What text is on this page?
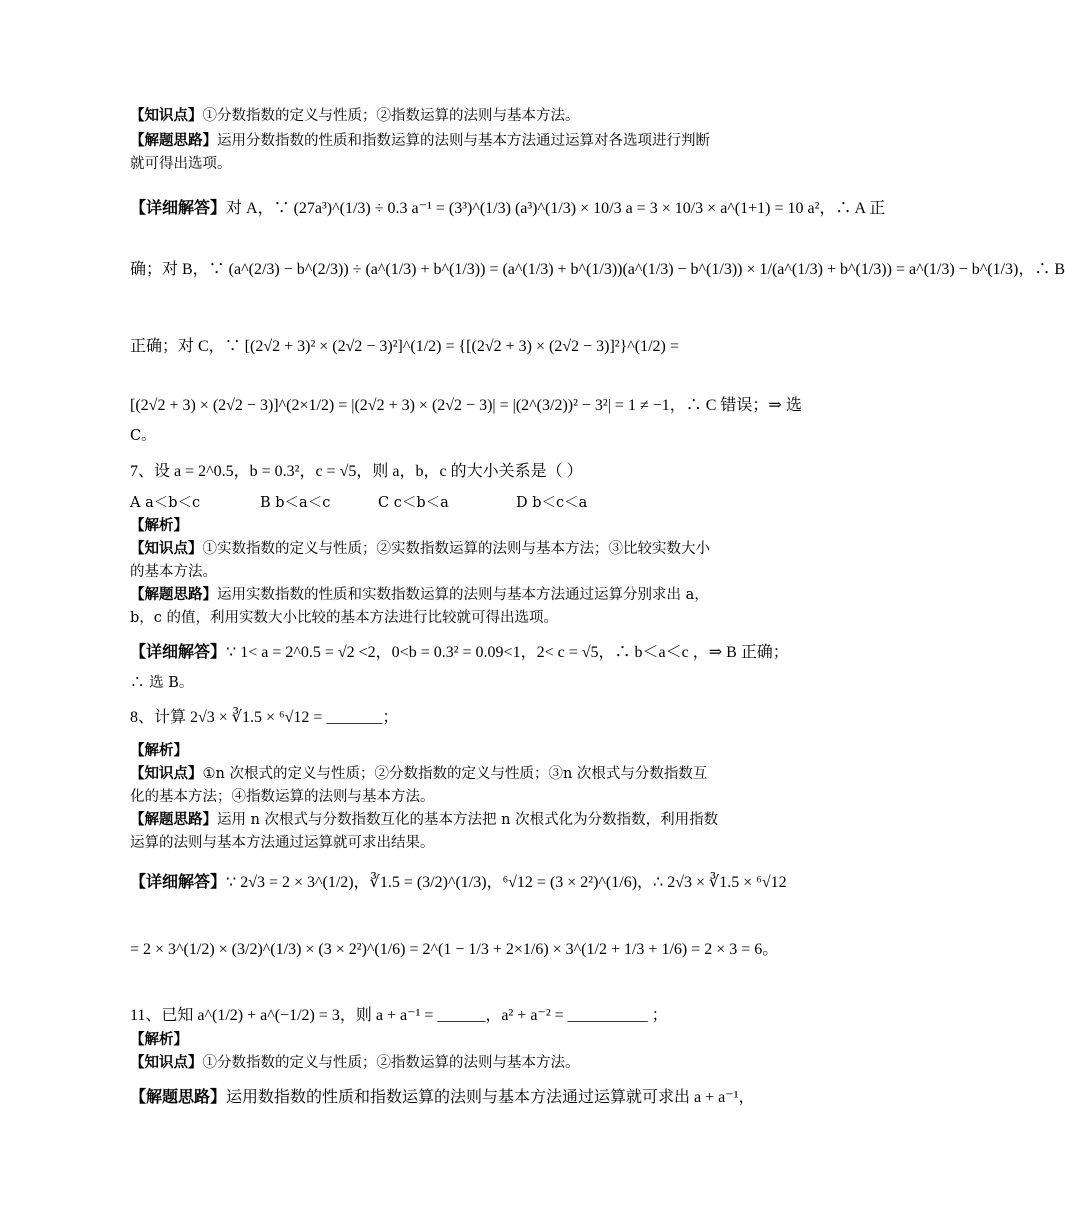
【知识点】①分数指数的定义与性质；②指数运算的法则与基本方法。
【解题思路】运用分数指数的性质和指数运算的法则与基本方法通过运算对各选项进行判断
就可得出选项。
【详细解答】对 A，∵ (27a³)^(1/3) ÷ 0.3 a⁻¹ = (3³)^(1/3) (a³)^(1/3) × 10/3 a = 3 × 10/3 × a^(1+1) = 10 a²，∴ A 正
确；对 B，∵ (a^(2/3) − b^(2/3)) ÷ (a^(1/3) + b^(1/3)) = (a^(1/3) + b^(1/3))(a^(1/3) − b^(1/3)) × 1/(a^(1/3) + b^(1/3)) = a^(1/3) − b^(1/3)，∴ B
正确；对 C，∵ [(2√2 + 3)² × (2√2 − 3)²]^(1/2) = {[(2√2 + 3) × (2√2 − 3)]²}^(1/2) =
[(2√2 + 3) × (2√2 − 3)]^(2×1/2) = |(2√2 + 3) × (2√2 − 3)| = |(2^(3/2))² − 3²| = 1 ≠ −1，∴ C 错误；⇒ 选
C。
7、设 a = 2^0.5，b = 0.3²，c = √5，则 a，b，c 的大小关系是（ ）
A a＜b＜c	B b＜a＜c	C c＜b＜a	D b＜c＜a
【解析】
【知识点】①实数指数的定义与性质；②实数指数运算的法则与基本方法；③比较实数大小
的基本方法。
【解题思路】运用实数指数的性质和实数指数运算的法则与基本方法通过运算分别求出 a，
b，c 的值，利用实数大小比较的基本方法进行比较就可得出选项。
【详细解答】∵ 1< a = 2^0.5 = √2 <2，0<b = 0.3² = 0.09<1，2< c = √5，∴ b＜a＜c ，⇒ B 正确；
∴ 选 B。
8、计算 2√3 × ∛1.5 × ⁶√12 = _______；
【解析】
【知识点】①n 次根式的定义与性质；②分数指数的定义与性质；③n 次根式与分数指数互
化的基本方法；④指数运算的法则与基本方法。
【解题思路】运用 n 次根式与分数指数互化的基本方法把 n 次根式化为分数指数，利用指数
运算的法则与基本方法通过运算就可求出结果。
【详细解答】∵ 2√3 = 2 × 3^(1/2)，∛1.5 = (3/2)^(1/3)，⁶√12 = (3 × 2²)^(1/6)，∴ 2√3 × ∛1.5 × ⁶√12
= 2 × 3^(1/2) × (3/2)^(1/3) × (3 × 2²)^(1/6) = 2^(1 − 1/3 + 2×1/6) × 3^(1/2 + 1/3 + 1/6) = 2 × 3 = 6。
11、已知 a^(1/2) + a^(−1/2) = 3，则 a + a⁻¹ = ______，a² + a⁻² = __________ ；
【解析】
【知识点】①分数指数的定义与性质；②指数运算的法则与基本方法。
【解题思路】运用数指数的性质和指数运算的法则与基本方法通过运算就可求出 a + a⁻¹，
